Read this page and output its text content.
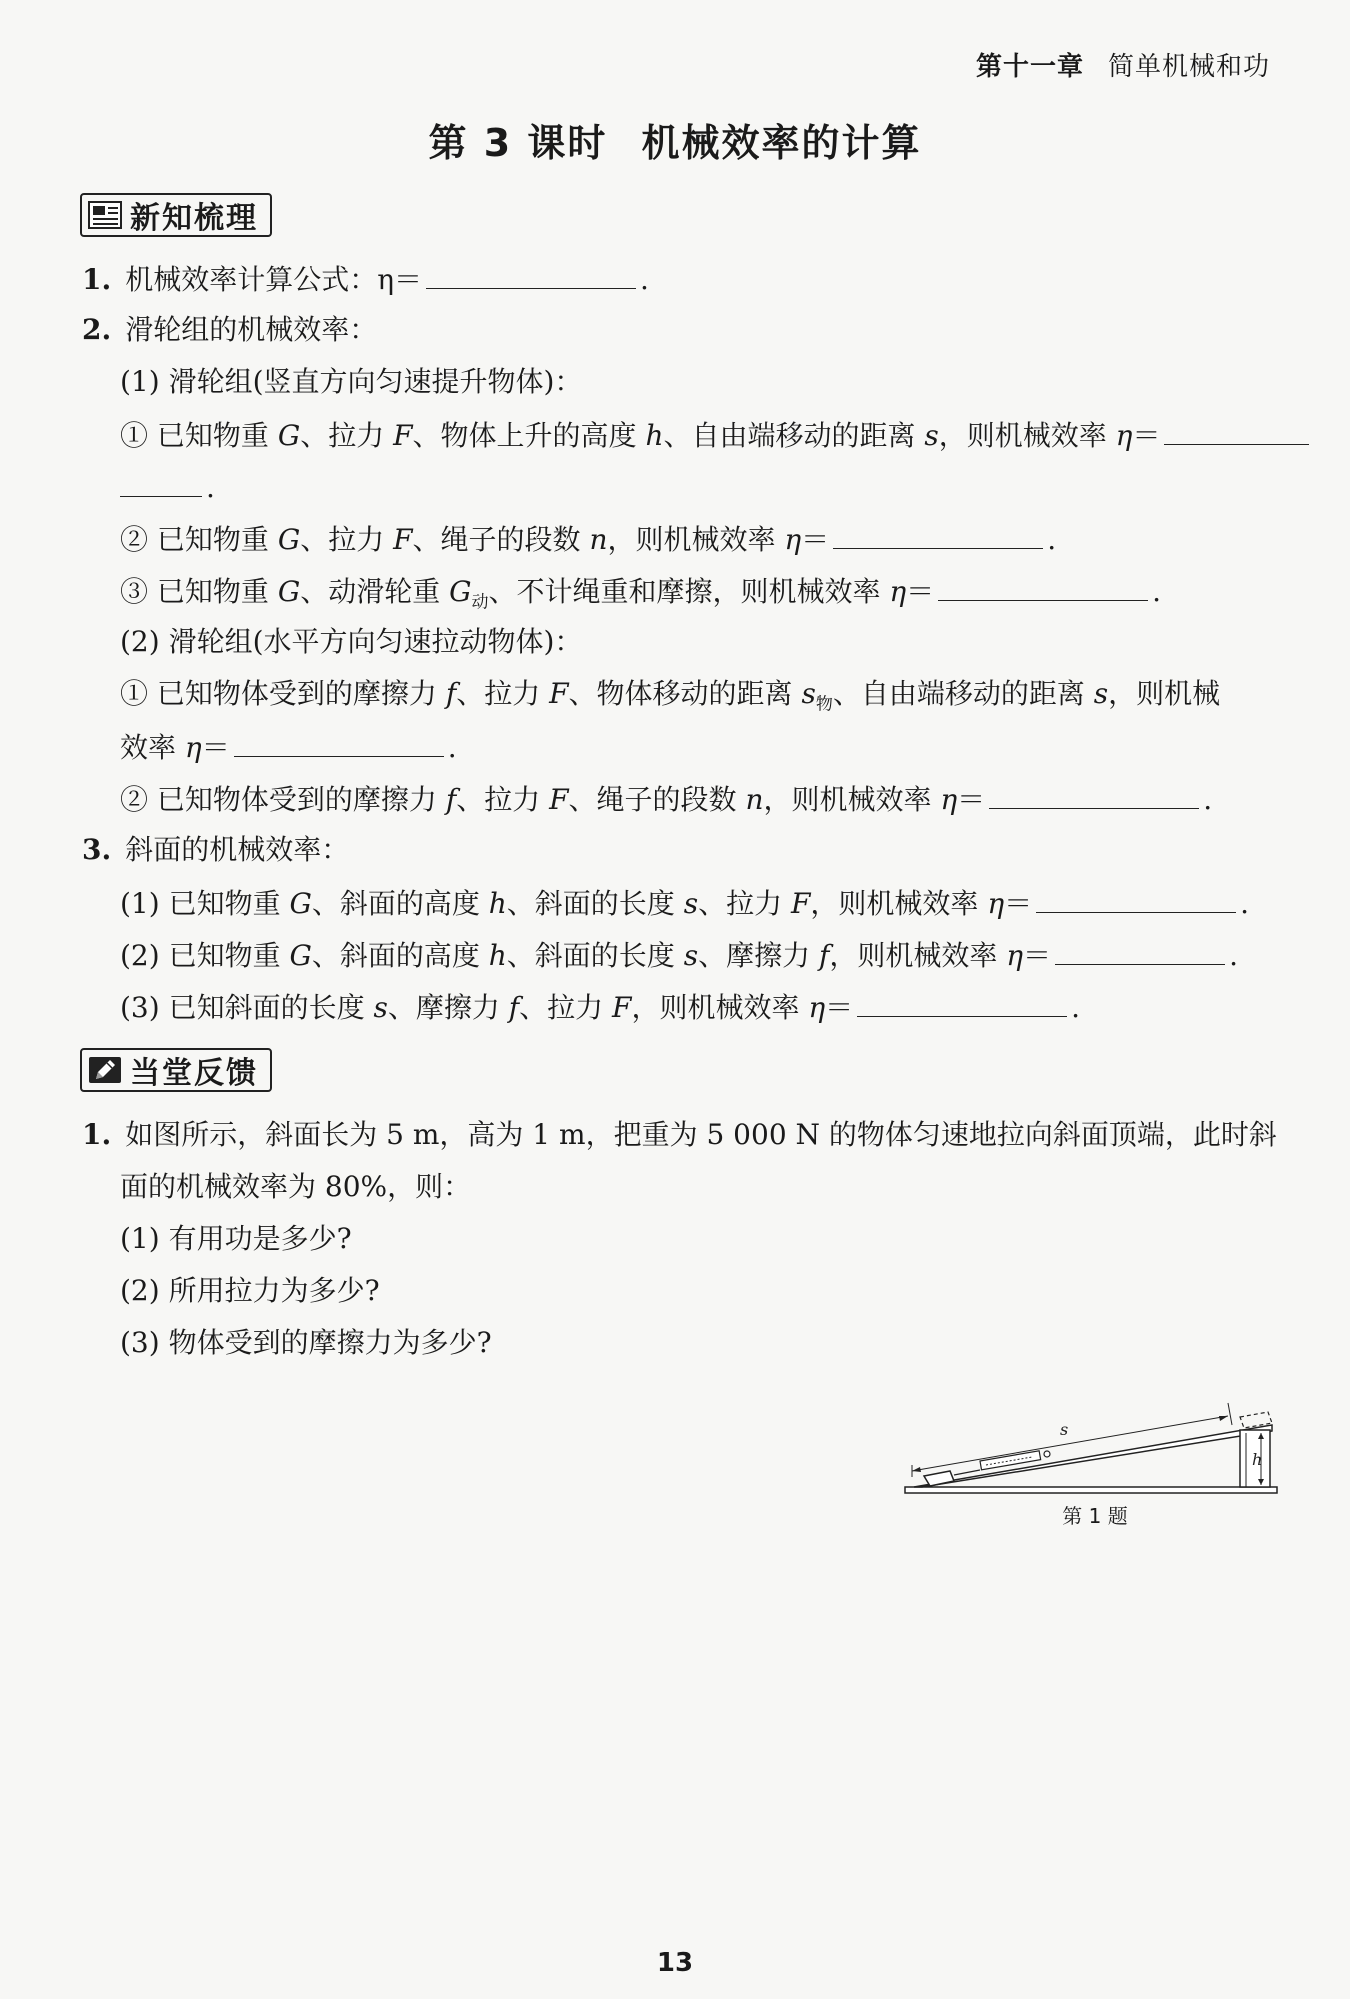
第十一章 简单机械和功
第 3 课时 机械效率的计算
新知梳理
1. 机械效率计算公式：η＝	.
2. 滑轮组的机械效率：
(1) 滑轮组(竖直方向匀速提升物体)：
① 已知物重 G、拉力 F、物体上升的高度 h、自由端移动的距离 s，则机械效率 η＝
.
② 已知物重 G、拉力 F、绳子的段数 n，则机械效率 η＝	.
③ 已知物重 G、动滑轮重 $G_动$、不计绳重和摩擦，则机械效率 η＝	.
(2) 滑轮组(水平方向匀速拉动物体)：
① 已知物体受到的摩擦力 f、拉力 F、物体移动的距离 $s_物$、自由端移动的距离 s，则机械
效率 η＝	.
② 已知物体受到的摩擦力 f、拉力 F、绳子的段数 n，则机械效率 η＝	.
3. 斜面的机械效率：
(1) 已知物重 G、斜面的高度 h、斜面的长度 s、拉力 F，则机械效率 η＝	.
(2) 已知物重 G、斜面的高度 h、斜面的长度 s、摩擦力 f，则机械效率 η＝	.
(3) 已知斜面的长度 s、摩擦力 f、拉力 F，则机械效率 η＝	.
当堂反馈
1. 如图所示，斜面长为 5 m，高为 1 m，把重为 5 000 N 的物体匀速地拉向斜面顶端，此时斜
面的机械效率为 80%，则：
(1) 有用功是多少?
(2) 所用拉力为多少?
(3) 物体受到的摩擦力为多少?
h
s
第 1 题
13
